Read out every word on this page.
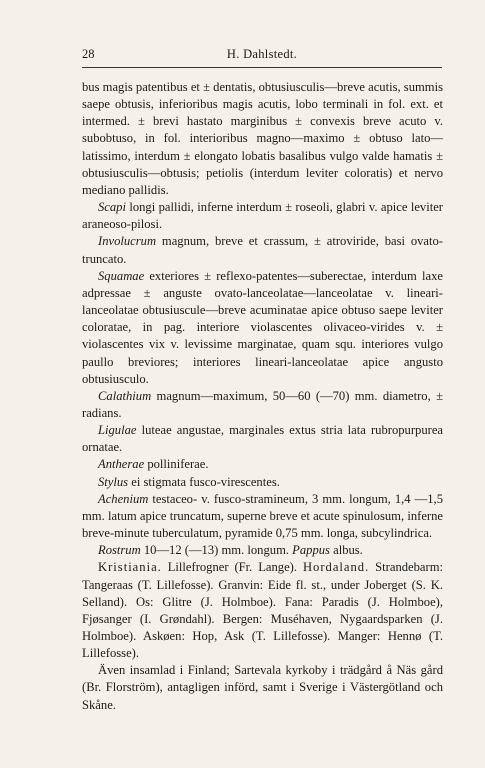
28	H. Dahlstedt.

bus magis patentibus et ± dentatis, obtusiusculis—breve acutis, summis saepe obtusis, inferioribus magis acutis, lobo terminali in fol. ext. et intermed. ± brevi hastato marginibus ± convexis breve acuto v. subobtuso, in fol. interioribus magno—maximo ± obtuso lato—latissimo, interdum ± elongato lobatis basalibus vulgo valde hamatis ± obtusiusculis—obtusis; petiolis (interdum leviter coloratis) et nervo mediano pallidis.

Scapi longi pallidi, inferne interdum ± roseoli, glabri v. apice leviter araneoso-pilosi.

Involucrum magnum, breve et crassum, ± atroviride, basi ovato-truncato.

Squamae exteriores ± reflexo-patentes—suberectae, interdum laxe adpressae ± anguste ovato-lanceolatae—lanceolatae v. lineari-lanceolatae obtusiuscule—breve acuminatae apice obtuso saepe leviter coloratae, in pag. interiore violascentes olivaceo-virides v. ± violascentes vix v. levissime marginatae, quam squ. interiores vulgo paullo breviores; interiores lineari-lanceolatae apice angusto obtusiusculo.

Calathium magnum—maximum, 50—60 (—70) mm. diametro, ± radians.

Ligulae luteae angustae, marginales extus stria lata rubropurpurea ornatae.

Antherae polliniferae.

Stylus ei stigmata fusco-virescentes.

Achenium testaceo- v. fusco-stramineum, 3 mm. longum, 1,4 —1,5 mm. latum apice truncatum, superne breve et acute spinulosum, inferne breve-minute tuberculatum, pyramide 0,75 mm. longa, subcylindrica.

Rostrum 10—12 (—13) mm. longum. Pappus albus.

Kristiania. Lillefrogner (Fr. Lange). Hordaland. Strandebarm: Tangeraas (T. Lillefosse). Granvin: Eide fl. st., under Joberget (S. K. Selland). Os: Glitre (J. Holmboe). Fana: Paradis (J. Holmboe), Fjøsanger (I. Grøndahl). Bergen: Muséhaven, Nygaardsparken (J. Holmboe). Askøen: Hop, Ask (T. Lillefosse). Manger: Hennø (T. Lillefosse).

Även insamlad i Finland; Sartevala kyrkoby i trädgård å Näs gård (Br. Florström), antagligen införd, samt i Sverige i Västergötland och Skåne.
